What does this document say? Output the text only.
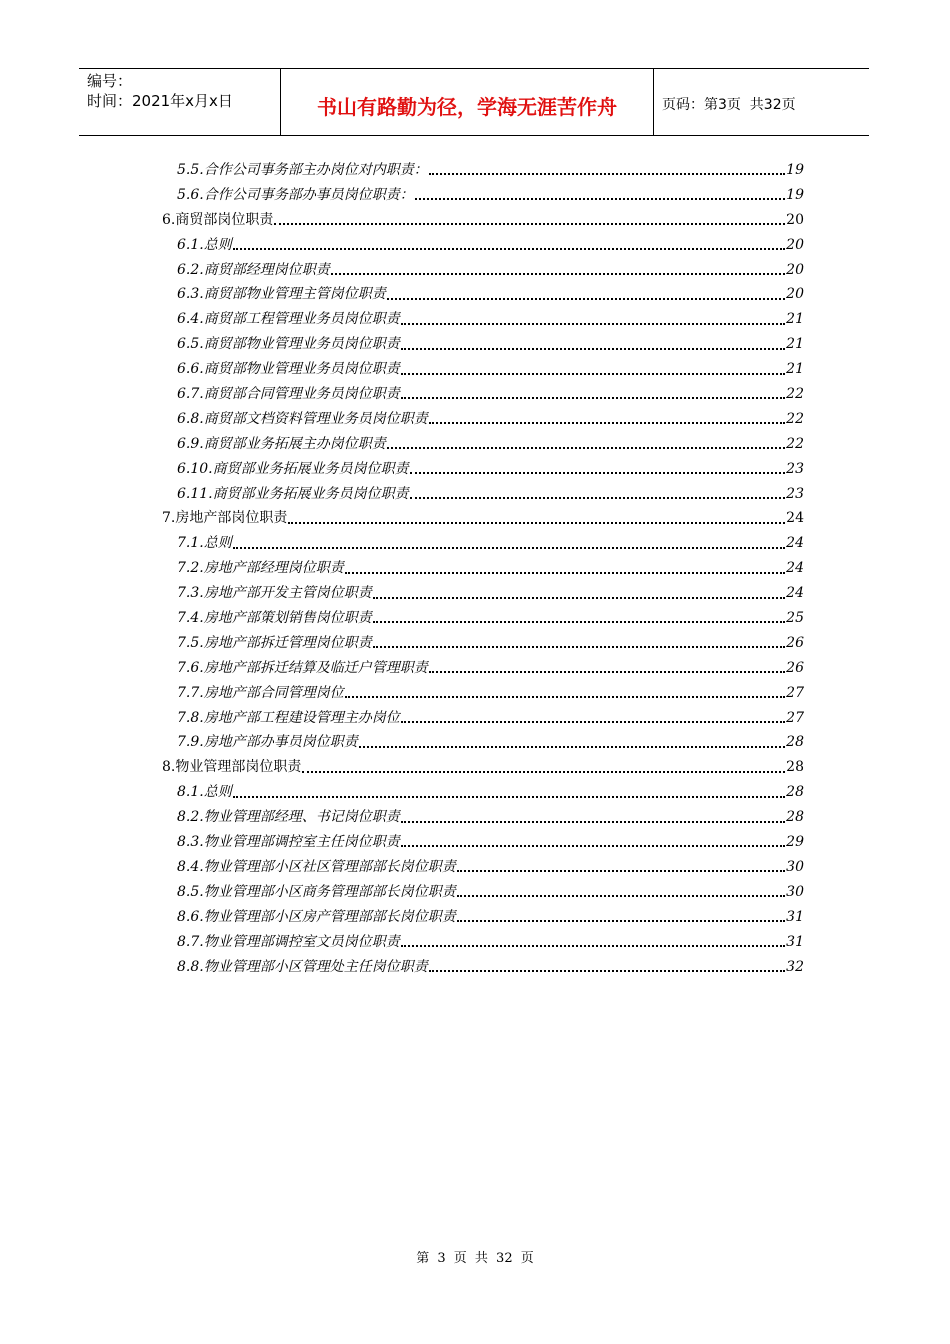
编号：
时间：2021年x月x日	书山有路勤为径，学海无涯苦作舟	页码：第3页  共32页
5.5.合作公司事务部主办岗位对内职责：	19
5.6.合作公司事务部办事员岗位职责：	19
6.商贸部岗位职责	20
6.1.总则	20
6.2.商贸部经理岗位职责	20
6.3.商贸部物业管理主管岗位职责	20
6.4.商贸部工程管理业务员岗位职责	21
6.5.商贸部物业管理业务员岗位职责	21
6.6.商贸部物业管理业务员岗位职责	21
6.7.商贸部合同管理业务员岗位职责	22
6.8.商贸部文档资料管理业务员岗位职责	22
6.9.商贸部业务拓展主办岗位职责	22
6.10.商贸部业务拓展业务员岗位职责	23
6.11.商贸部业务拓展业务员岗位职责	23
7.房地产部岗位职责	24
7.1.总则	24
7.2.房地产部经理岗位职责	24
7.3.房地产部开发主管岗位职责	24
7.4.房地产部策划销售岗位职责	25
7.5.房地产部拆迁管理岗位职责	26
7.6.房地产部拆迁结算及临迁户管理职责	26
7.7.房地产部合同管理岗位	27
7.8.房地产部工程建设管理主办岗位	27
7.9.房地产部办事员岗位职责	28
8.物业管理部岗位职责	28
8.1.总则	28
8.2.物业管理部经理、书记岗位职责	28
8.3.物业管理部调控室主任岗位职责	29
8.4.物业管理部小区社区管理部部长岗位职责	30
8.5.物业管理部小区商务管理部部长岗位职责	30
8.6.物业管理部小区房产管理部部长岗位职责	31
8.7.物业管理部调控室文员岗位职责	31
8.8.物业管理部小区管理处主任岗位职责	32
第 3 页 共 32 页
